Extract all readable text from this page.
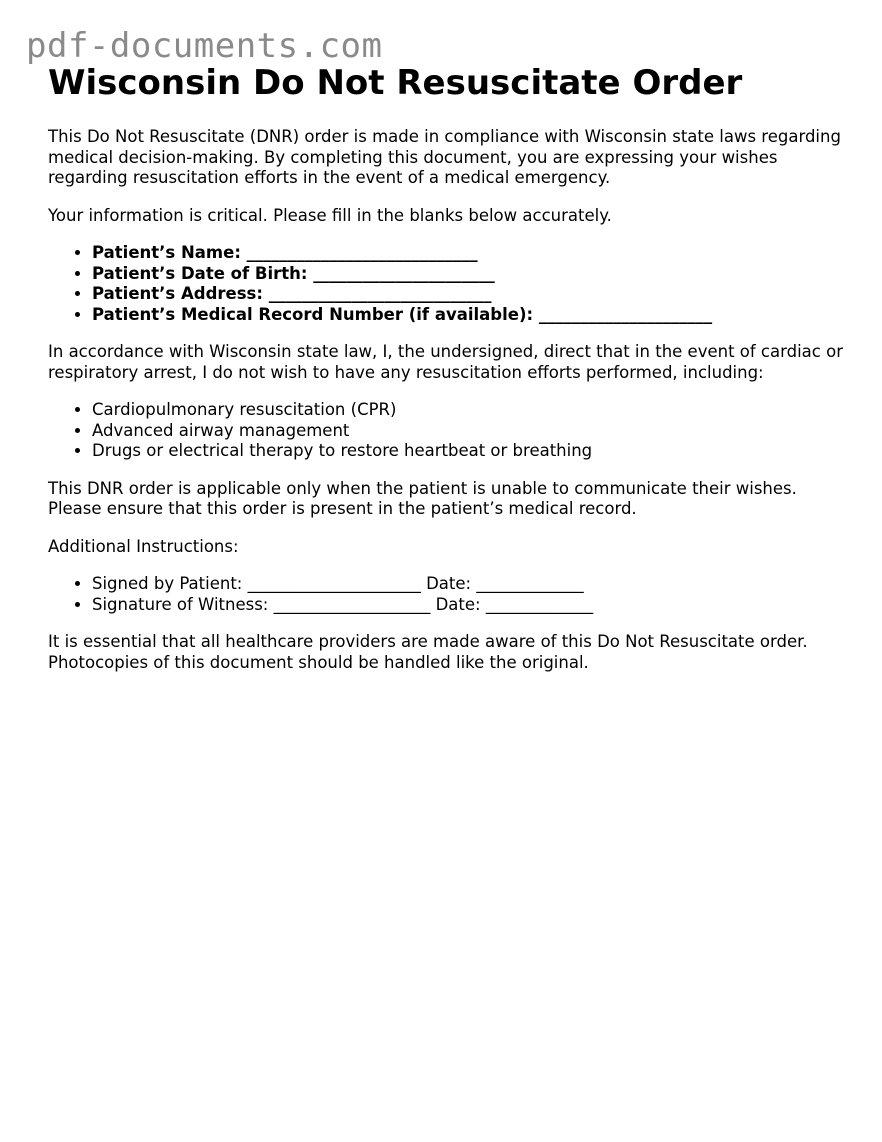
pdf-documents.com
Wisconsin Do Not Resuscitate Order

This Do Not Resuscitate (DNR) order is made in compliance with Wisconsin state laws regarding medical decision-making. By completing this document, you are expressing your wishes regarding resuscitation efforts in the event of a medical emergency.

Your information is critical. Please fill in the blanks below accurately.

• Patient’s Name: ____________________________
• Patient’s Date of Birth: ______________________
• Patient’s Address: ___________________________
• Patient’s Medical Record Number (if available): _____________________

In accordance with Wisconsin state law, I, the undersigned, direct that in the event of cardiac or respiratory arrest, I do not wish to have any resuscitation efforts performed, including:

• Cardiopulmonary resuscitation (CPR)
• Advanced airway management
• Drugs or electrical therapy to restore heartbeat or breathing

This DNR order is applicable only when the patient is unable to communicate their wishes. Please ensure that this order is present in the patient’s medical record.

Additional Instructions:

• Signed by Patient: _____________________ Date: _____________
• Signature of Witness: ___________________ Date: _____________

It is essential that all healthcare providers are made aware of this Do Not Resuscitate order. Photocopies of this document should be handled like the original.
